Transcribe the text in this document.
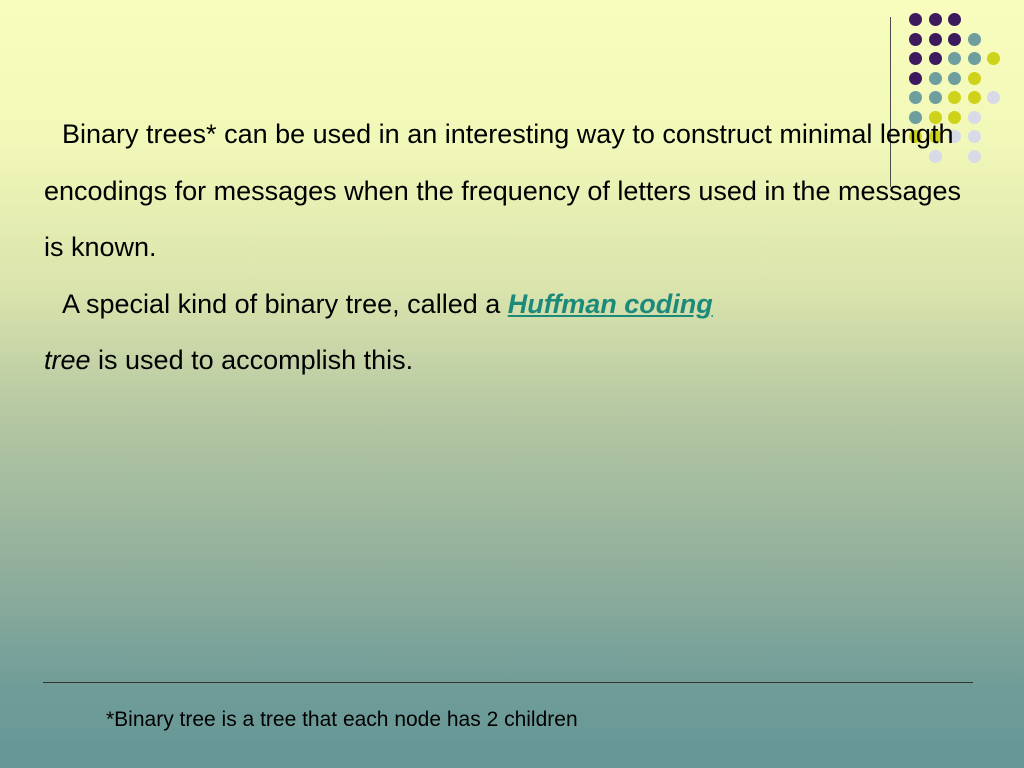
Binary trees* can be used in an interesting way to construct minimal length encodings for messages when the frequency of letters used in the messages is known.

A special kind of binary tree, called a Huffman coding
tree is used to accomplish this.

*Binary tree is a tree that each node has 2 children
